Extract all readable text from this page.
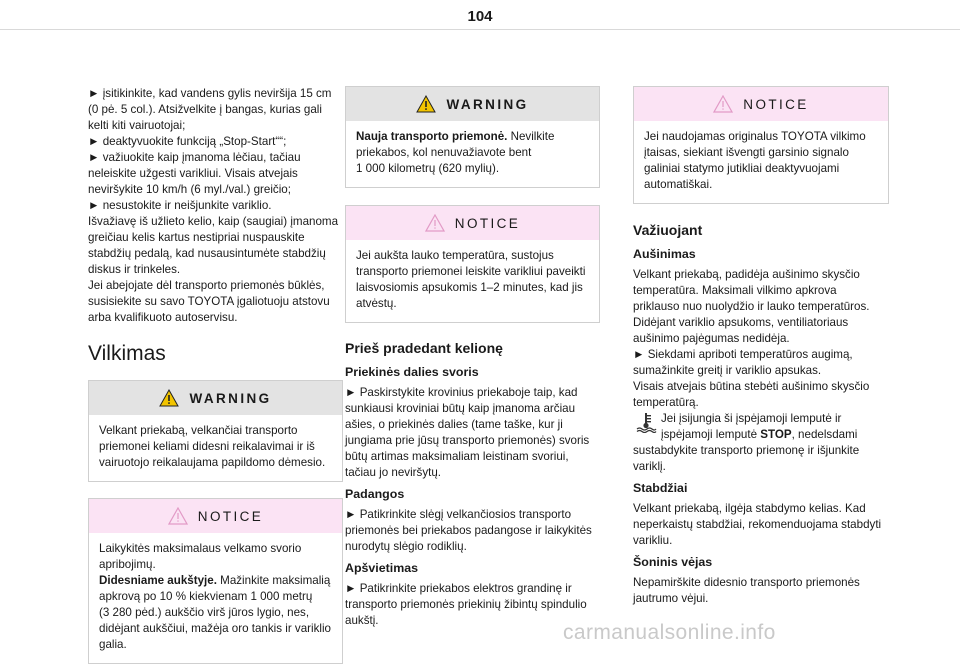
104
► įsitikinkite, kad vandens gylis neviršija 15 cm
(0 pė. 5 col.). Atsižvelkite į bangas, kurias gali
kelti kiti vairuotojai;
► deaktyvuokite funkciją „Stop-Start““;
► važiuokite kaip įmanoma lėčiau, tačiau
neleiskite užgesti varikliui. Visais atvejais
neviršykite 10 km/h (6 myl./val.) greičio;
► nesustokite ir neišjunkite variklio.
Išvažiavę iš užlieto kelio, kaip (saugiai) įmanoma
greičiau kelis kartus nestipriai nuspauskite
stabdžių pedalą, kad nusausintumėte stabdžių
diskus ir trinkeles.
Jei abejojate dėl transporto priemonės būklės,
susisiekite su savo TOYOTA įgaliotuoju atstovu
arba kvalifikuoto autoservisu.
Vilkimas
WARNING
Velkant priekabą, velkančiai transporto
priemonei keliami didesni reikalavimai ir iš
vairuotojo reikalaujama papildomo dėmesio.
NOTICE
Laikykitės maksimalaus velkamo svorio
apribojimų.
Didesniame aukštyje. Mažinkite maksimalią
apkrovą po 10 % kiekvienam 1 000 metrų
(3 280 pėd.) aukščio virš jūros lygio, nes,
didėjant aukščiui, mažėja oro tankis ir variklio
galia.
WARNING
Nauja transporto priemonė. Nevilkite
priekabos, kol nenuvažiavote bent
1 000 kilometrų (620 mylių).
NOTICE
Jei aukšta lauko temperatūra, sustojus
transporto priemonei leiskite varikliui paveikti
laisvosiomis apsukomis 1–2 minutes, kad jis
atvėstų.
Prieš pradedant kelionę
Priekinės dalies svoris
► Paskirstykite krovinius priekaboje taip, kad
sunkiausi kroviniai būtų kaip įmanoma arčiau
ašies, o priekinės dalies (tame taške, kur ji
jungiama prie jūsų transporto priemonės) svoris
būtų artimas maksimaliam leistinam svoriui,
tačiau jo neviršytų.
Padangos
► Patikrinkite slėgį velkančiosios transporto
priemonės bei priekabos padangose ir laikykitės
nurodytų slėgio rodiklių.
Apšvietimas
► Patikrinkite priekabos elektros grandinę ir
transporto priemonės priekinių žibintų spindulio
aukštį.
NOTICE
Jei naudojamas originalus TOYOTA vilkimo
įtaisas, siekiant išvengti garsinio signalo
galiniai statymo jutikliai deaktyvuojami
automatiškai.
Važiuojant
Aušinimas
Velkant priekabą, padidėja aušinimo skysčio
temperatūra. Maksimali vilkimo apkrova
priklauso nuo nuolydžio ir lauko temperatūros.
Didėjant variklio apsukoms, ventiliatoriaus
aušinimo pajėgumas nedidėja.
► Siekdami apriboti temperatūros augimą,
sumažinkite greitį ir variklio apsukas.
Visais atvejais būtina stebėti aušinimo skysčio
temperatūrą.
Jei įsijungia ši įspėjamoji lemputė ir
įspėjamoji lemputė STOP, nedelsdami
sustabdykite transporto priemonę ir išjunkite
variklį.
Stabdžiai
Velkant priekabą, ilgėja stabdymo kelias. Kad
neperkaistų stabdžiai, rekomenduojama stabdyti
varikliu.
Šoninis vėjas
Nepamirškite didesnio transporto priemonės
jautrumo vėjui.
carmanualsonline.info
